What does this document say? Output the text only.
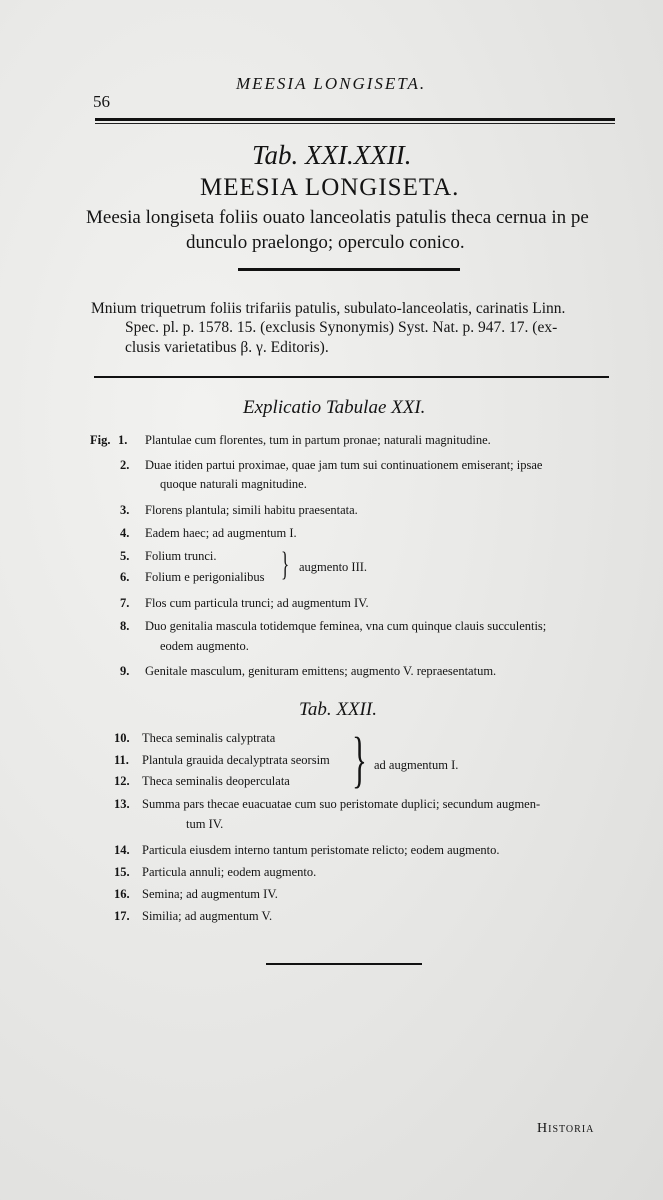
56
MEESIA LONGISETA.
Tab. XXI.XXII.
MEESIA LONGISETA.
Meesia longiseta foliis ouato lanceolatis patulis theca cernua in pe
dunculo praelongo; operculo conico.
Mnium triquetrum foliis trifariis patulis, subulato-lanceolatis, carinatis Linn.
Spec. pl. p. 1578. 15. (exclusis Synonymis) Syst. Nat. p. 947. 17. (ex-
clusis varietatibus β. γ. Editoris).
Explicatio Tabulae XXI.
Fig. 1. Plantulae cum florentes, tum in partum pronae; naturali magnitudine.
2. Duae itiden partui proximae, quae jam tum sui continuationem emiserant; ipsae
quoque naturali magnitudine.
3. Florens plantula; simili habitu praesentata.
4. Eadem haec; ad augmentum I.
5. Folium trunci.
6. Folium e perigonialibus } augmento III.
7. Flos cum particula trunci; ad augmentum IV.
8. Duo genitalia mascula totidemque feminea, vna cum quinque clauis succulentis;
eodem augmento.
9. Genitale masculum, genituram emittens; augmento V. repraesentatum.
Tab. XXII.
10. Theca seminalis calyptrata
11. Plantula grauida decalyptrata seorsim
12. Theca seminalis deoperculata } ad augmentum I.
13. Summa pars thecae euacuatae cum suo peristomate duplici; secundum augmen-
tum IV.
14. Particula eiusdem interno tantum peristomate relicto; eodem augmento.
15. Particula annuli; eodem augmento.
16. Semina; ad augmentum IV.
17. Similia; ad augmentum V.
Historia
